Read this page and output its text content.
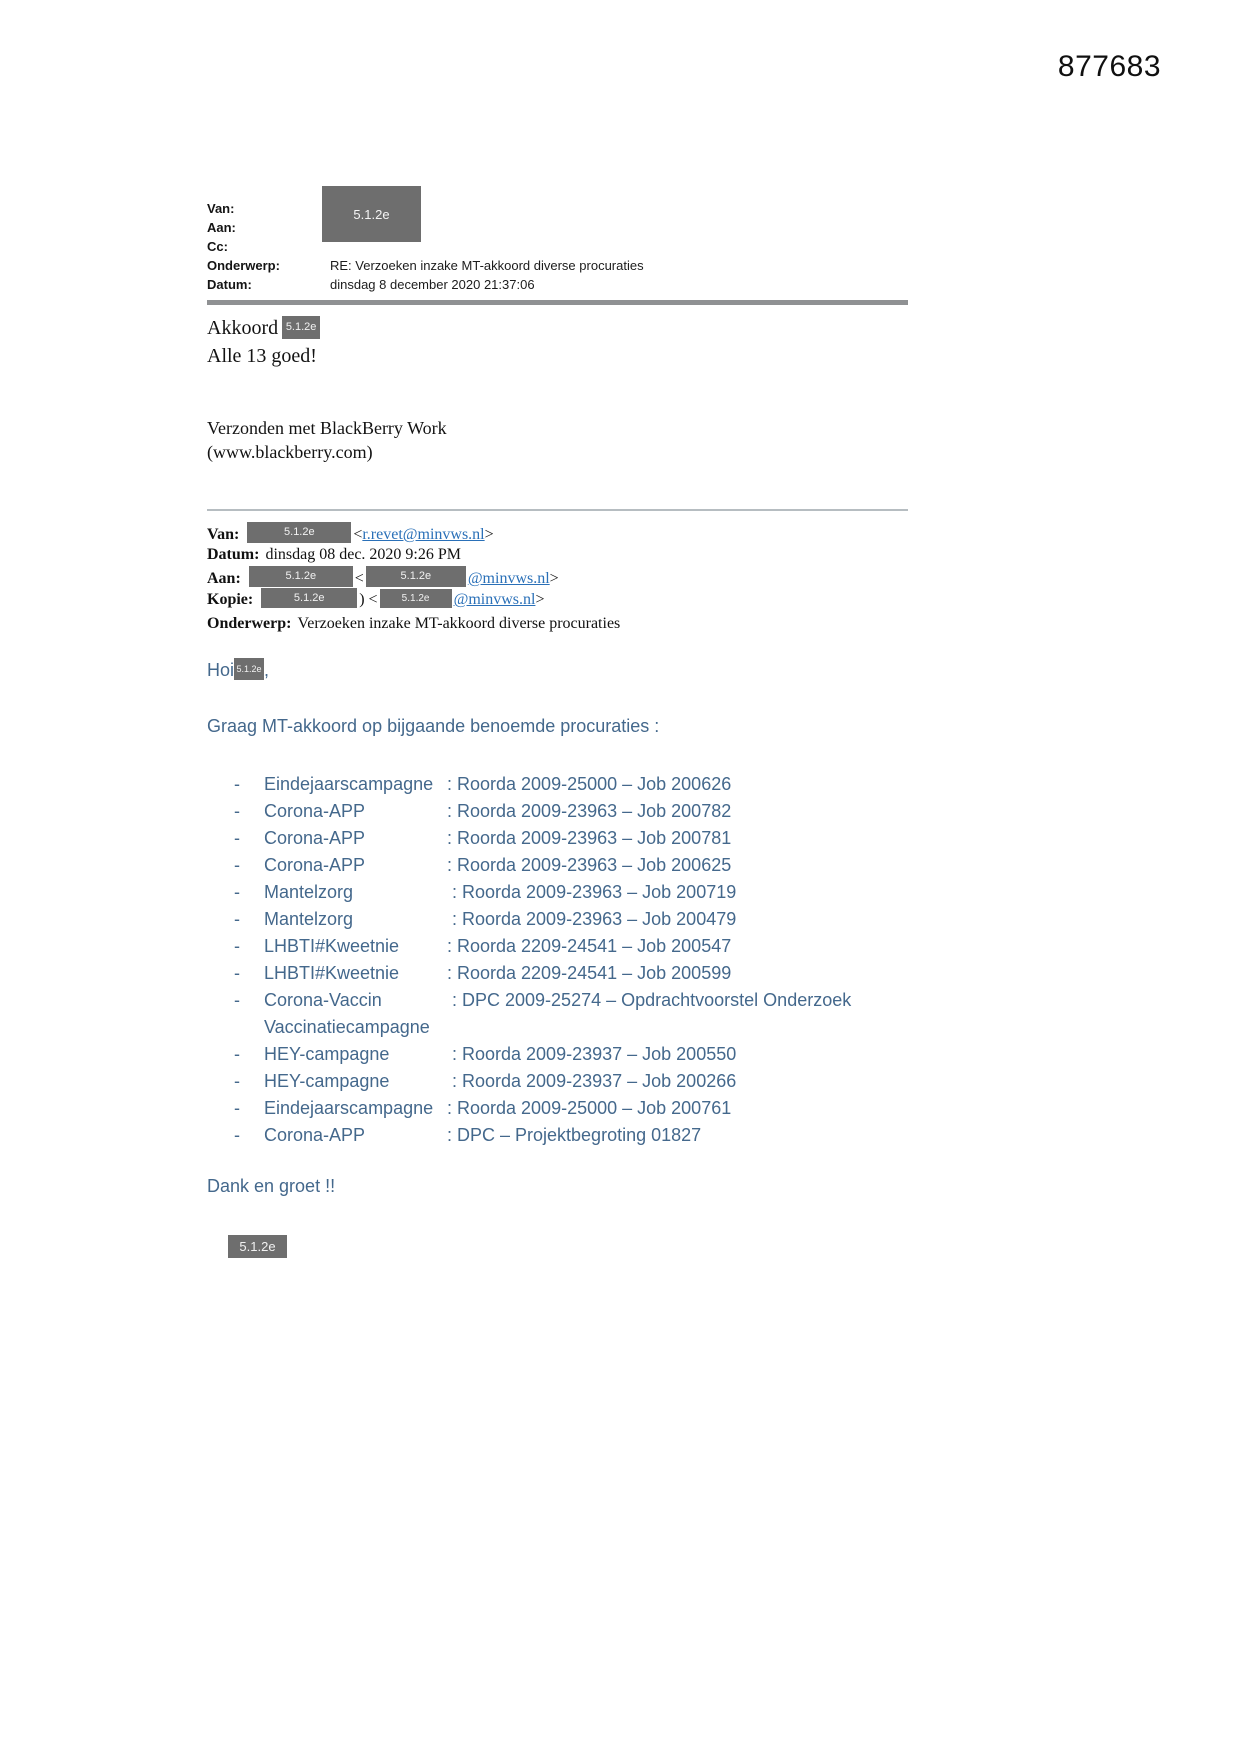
877683
Van:
Aan:
Cc:
Onderwerp:	RE: Verzoeken inzake MT-akkoord diverse procuraties
Datum:	dinsdag 8 december 2020 21:37:06
5.1.2e
Akkoord 5.1.2e
Alle 13 goed!
Verzonden met BlackBerry Work
(www.blackberry.com)
Van:	5.1.2e <r.revet@minvws.nl>
Datum: dinsdag 08 dec. 2020 9:26 PM
Aan:	5.1.2e <	5.1.2e @minvws.nl>
Kopie:	5.1.2e ) < 5.1.2e @minvws.nl>
Onderwerp: Verzoeken inzake MT-akkoord diverse procuraties
Hoi 5.1.2e ,
Graag MT-akkoord op bijgaande benoemde procuraties :
-	Eindejaarscampagne : Roorda 2009-25000 – Job 200626
-	Corona-APP	: Roorda 2009-23963 – Job 200782
-	Corona-APP	: Roorda 2009-23963 – Job 200781
-	Corona-APP	: Roorda 2009-23963 – Job 200625
-	Mantelzorg	: Roorda 2009-23963 – Job 200719
-	Mantelzorg	: Roorda 2009-23963 – Job 200479
-	LHBTI#Kweetnie	: Roorda 2209-24541 – Job 200547
-	LHBTI#Kweetnie	: Roorda 2209-24541 – Job 200599
-	Corona-Vaccin	: DPC 2009-25274 – Opdrachtvoorstel Onderzoek
Vaccinatiecampagne
-	HEY-campagne	: Roorda 2009-23937 – Job 200550
-	HEY-campagne	: Roorda 2009-23937 – Job 200266
-	Eindejaarscampagne : Roorda 2009-25000 – Job 200761
-	Corona-APP	: DPC – Projektbegroting 01827
Dank en groet !!
5.1.2e
